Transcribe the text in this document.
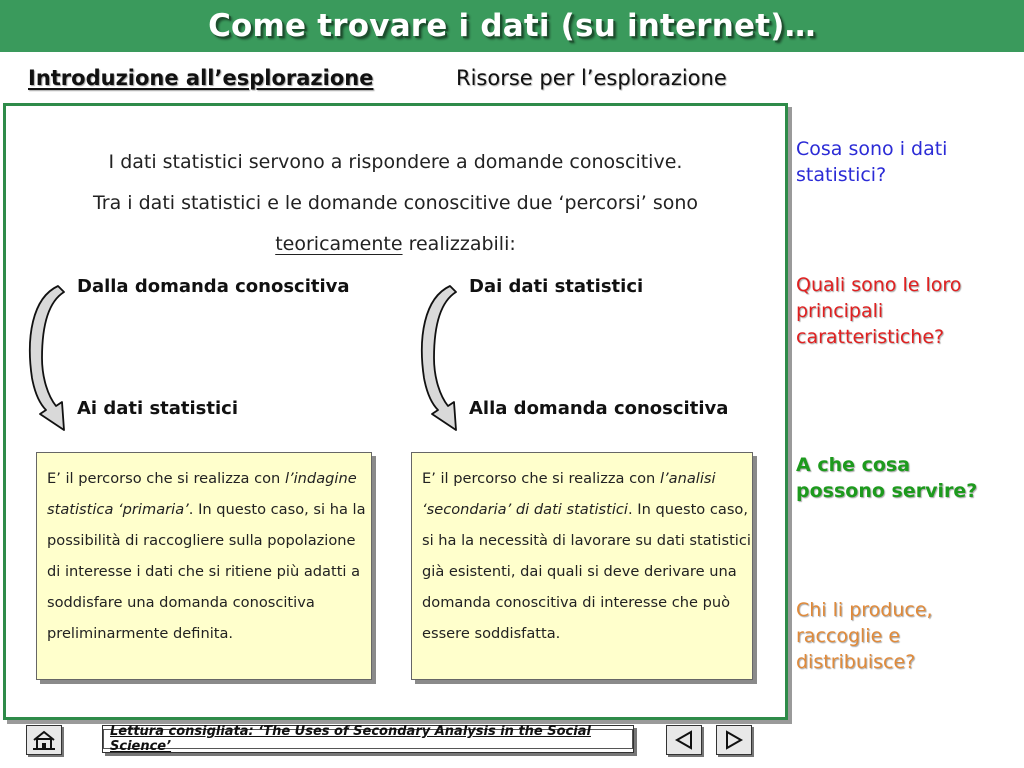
Come trovare i dati (su internet)…
Introduzione all’esplorazione	Risorse per l’esplorazione
I dati statistici servono a rispondere a domande conoscitive.
Tra i dati statistici e le domande conoscitive due ‘percorsi’ sono
teoricamente realizzabili:
Dalla domanda conoscitiva
Ai dati statistici
Dai dati statistici
Alla domanda conoscitiva
E’ il percorso che si realizza con l’indagine statistica ‘primaria’. In questo caso, si ha la possibilità di raccogliere sulla popolazione di interesse i dati che si ritiene più adatti a soddisfare una domanda conoscitiva preliminarmente definita.
E’ il percorso che si realizza con l’analisi ‘secondaria’ di dati statistici. In questo caso, si ha la necessità di lavorare su dati statistici già esistenti, dai quali si deve derivare una domanda conoscitiva di interesse che può essere soddisfatta.
Cosa sono i dati statistici?
Quali sono le loro principali caratteristiche?
A che cosa possono servire?
Chi li produce, raccoglie e distribuisce?
Lettura consigliata: ‘The Uses of Secondary Analysis in the Social Science’
